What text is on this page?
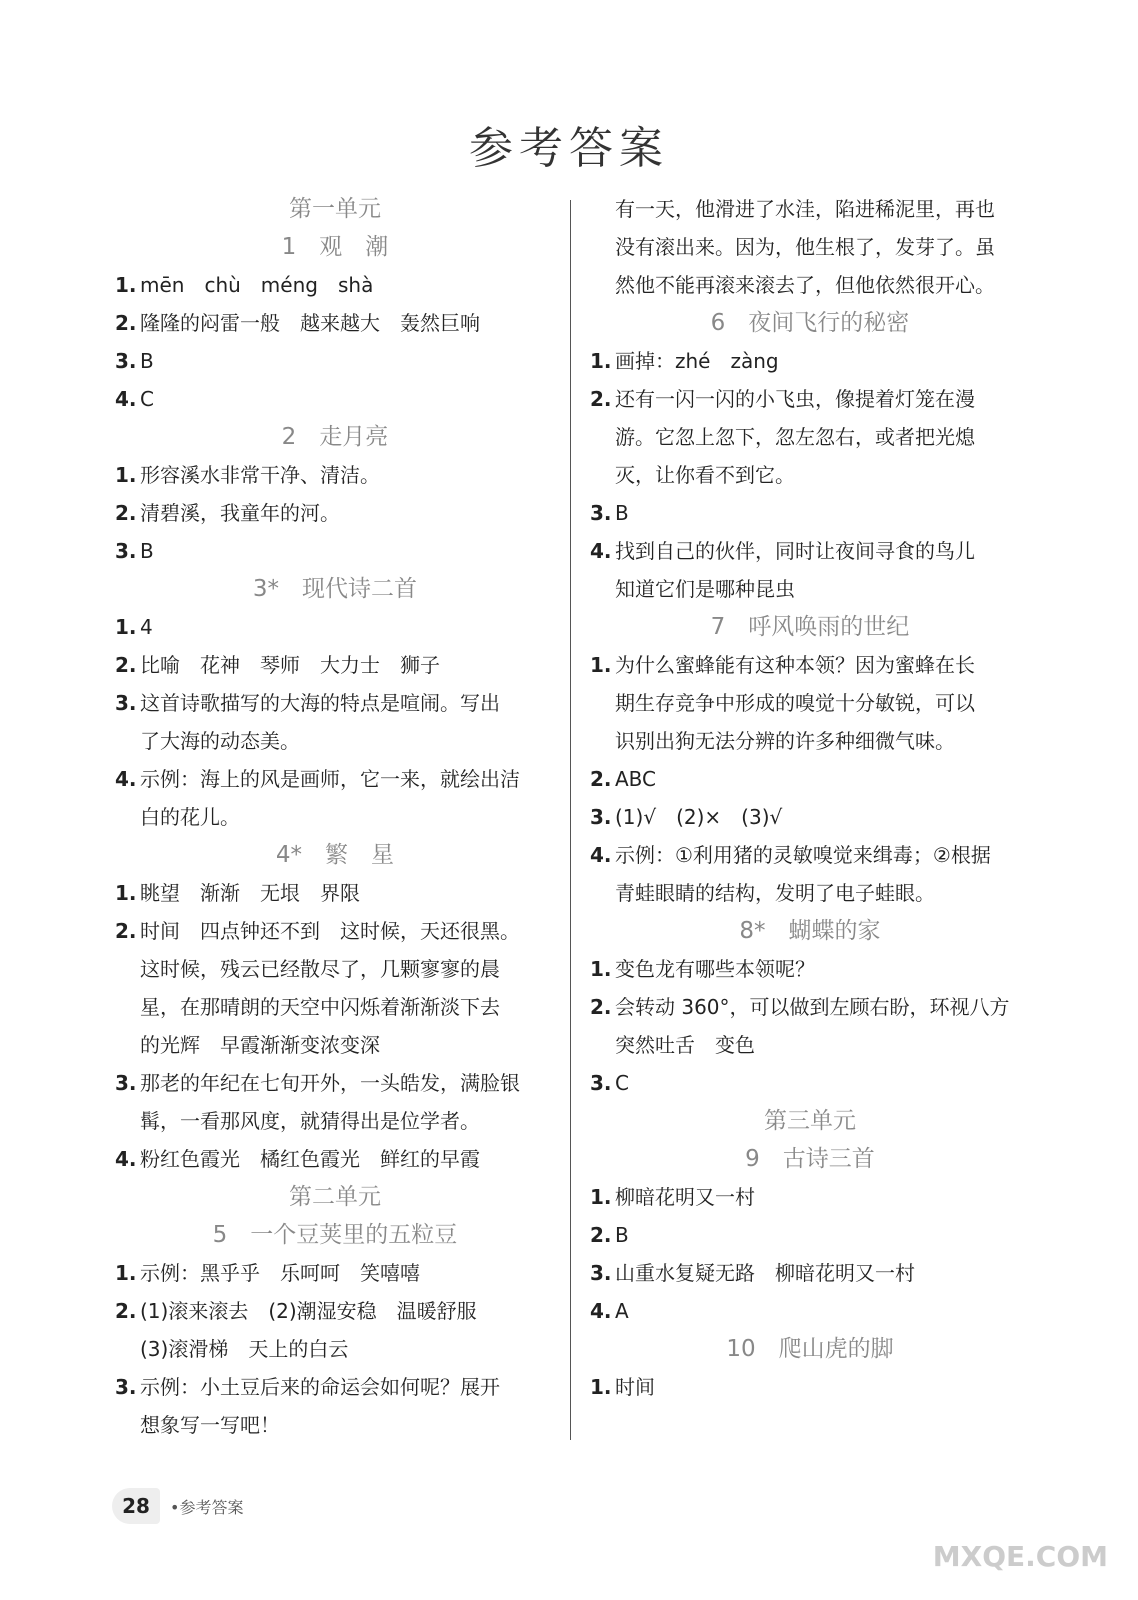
参考答案
第一单元
1　观　潮
1. mēn　chù　méng　shà
2. 隆隆的闷雷一般　越来越大　轰然巨响
3. B
4. C
2　走月亮
1. 形容溪水非常干净、清洁。
2. 清碧溪，我童年的河。
3. B
3*　现代诗二首
1. 4
2. 比喻　花神　琴师　大力士　狮子
3. 这首诗歌描写的大海的特点是喧闹。写出
了大海的动态美。
4. 示例：海上的风是画师，它一来，就绘出洁
白的花儿。
4*　繁　星
1. 眺望　渐渐　无垠　界限
2. 时间　四点钟还不到　这时候，天还很黑。
这时候，残云已经散尽了，几颗寥寥的晨
星，在那晴朗的天空中闪烁着渐渐淡下去
的光辉　早霞渐渐变浓变深
3. 那老的年纪在七旬开外，一头皓发，满脸银
髯，一看那风度，就猜得出是位学者。
4. 粉红色霞光　橘红色霞光　鲜红的早霞
第二单元
5　一个豆荚里的五粒豆
1. 示例：黑乎乎　乐呵呵　笑嘻嘻
2. (1)滚来滚去　(2)潮湿安稳　温暖舒服
(3)滚滑梯　天上的白云
3. 示例：小土豆后来的命运会如何呢？展开
想象写一写吧！
有一天，他滑进了水洼，陷进稀泥里，再也
没有滚出来。因为，他生根了，发芽了。虽
然他不能再滚来滚去了，但他依然很开心。
6　夜间飞行的秘密
1. 画掉：zhé　zàng
2. 还有一闪一闪的小飞虫，像提着灯笼在漫
游。它忽上忽下，忽左忽右，或者把光熄
灭，让你看不到它。
3. B
4. 找到自己的伙伴，同时让夜间寻食的鸟儿
知道它们是哪种昆虫
7　呼风唤雨的世纪
1. 为什么蜜蜂能有这种本领？因为蜜蜂在长
期生存竞争中形成的嗅觉十分敏锐，可以
识别出狗无法分辨的许多种细微气味。
2. ABC
3. (1)√　(2)×　(3)√
4. 示例：①利用猪的灵敏嗅觉来缉毒；②根据
青蛙眼睛的结构，发明了电子蛙眼。
8*　蝴蝶的家
1. 变色龙有哪些本领呢？
2. 会转动 360°，可以做到左顾右盼，环视八方
突然吐舌　变色
3. C
第三单元
9　古诗三首
1. 柳暗花明又一村
2. B
3. 山重水复疑无路　柳暗花明又一村
4. A
10　爬山虎的脚
1. 时间
28	•参考答案
MXQE.COM
